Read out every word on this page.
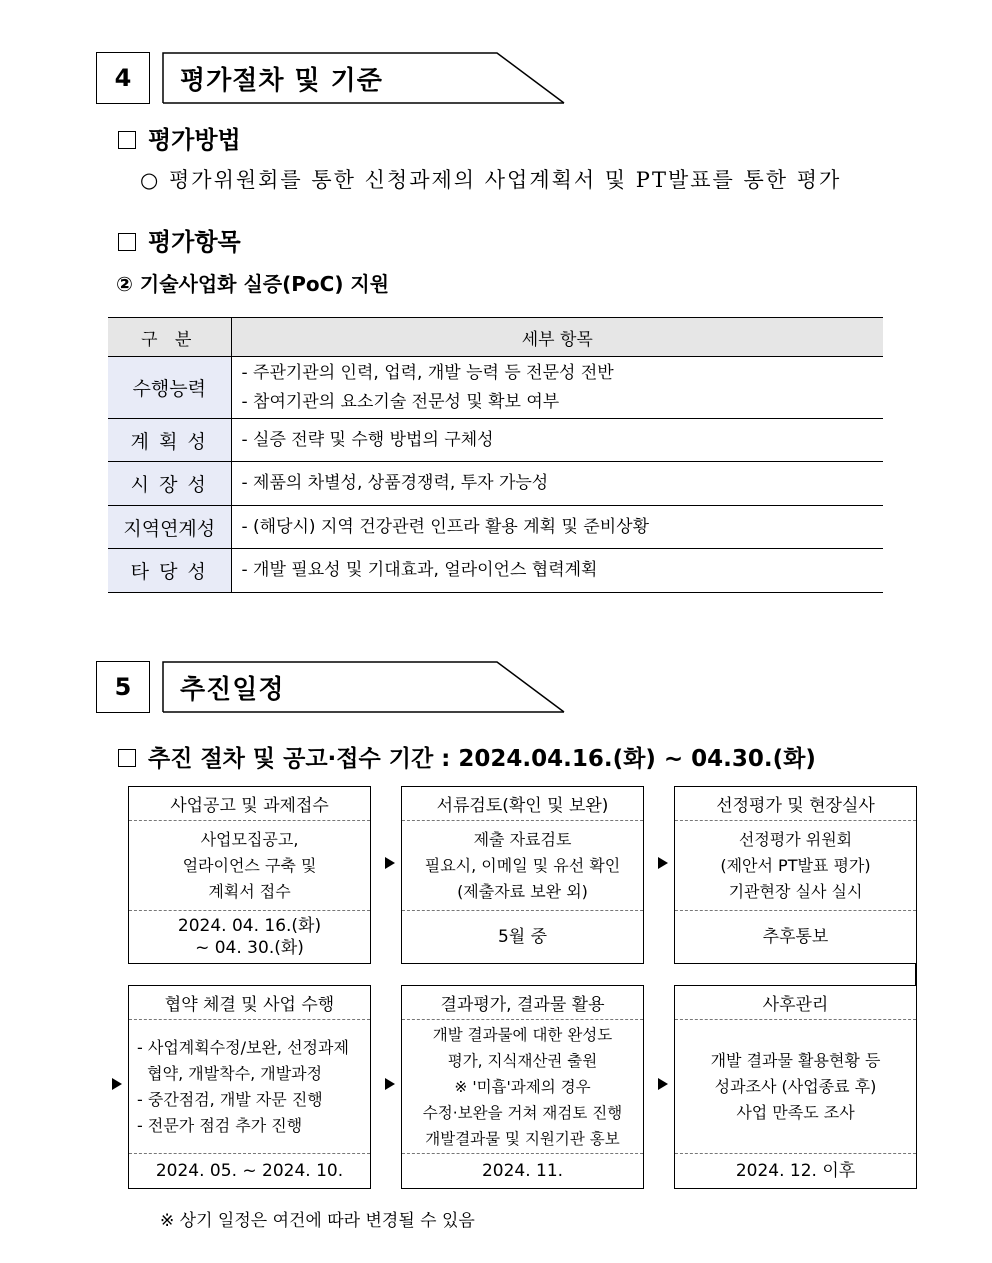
4	평가절차 및 기준
평가방법
○ 평가위원회를 통한 신청과제의 사업계획서 및 PT발표를 통한 평가
평가항목
② 기술사업화 실증(PoC) 지원
구 분	세부 항목
수행능력	- 주관기관의 인력, 업력, 개발 능력 등 전문성 전반
- 참여기관의 요소기술 전문성 및 확보 여부

계 획 성	- 실증 전략 및 수행 방법의 구체성

시 장 성	- 제품의 차별성, 상품경쟁력, 투자 가능성

지역연계성	- (해당시) 지역 건강관련 인프라 활용 계획 및 준비상황

타 당 성	- 개발 필요성 및 기대효과, 얼라이언스 협력계획
5	추진일정
추진 절차 및 공고·접수 기간 : 2024.04.16.(화) ~ 04.30.(화)
사업공고 및 과제접수
사업모집공고,
얼라이언스 구축 및
계획서 접수
2024. 04. 16.(화)
~ 04. 30.(화)
서류검토(확인 및 보완)
제출 자료검토
필요시, 이메일 및 유선 확인
(제출자료 보완 외)
5월 중
선정평가 및 현장실사
선정평가 위원회
(제안서 PT발표 평가)
기관현장 실사 실시
추후통보
협약 체결 및 사업 수행
- 사업계획수정/보완, 선정과제
협약, 개발착수, 개발과정
- 중간점검, 개발 자문 진행
- 전문가 점검 추가 진행
2024. 05. ~ 2024. 10.
결과평가, 결과물 활용
개발 결과물에 대한 완성도
평가, 지식재산권 출원
※ '미흡'과제의 경우
수정·보완을 거쳐 재검토 진행
개발결과물 및 지원기관 홍보
2024. 11.
사후관리
개발 결과물 활용현황 등
성과조사 (사업종료 후)
사업 만족도 조사
2024. 12. 이후
※ 상기 일정은 여건에 따라 변경될 수 있음
